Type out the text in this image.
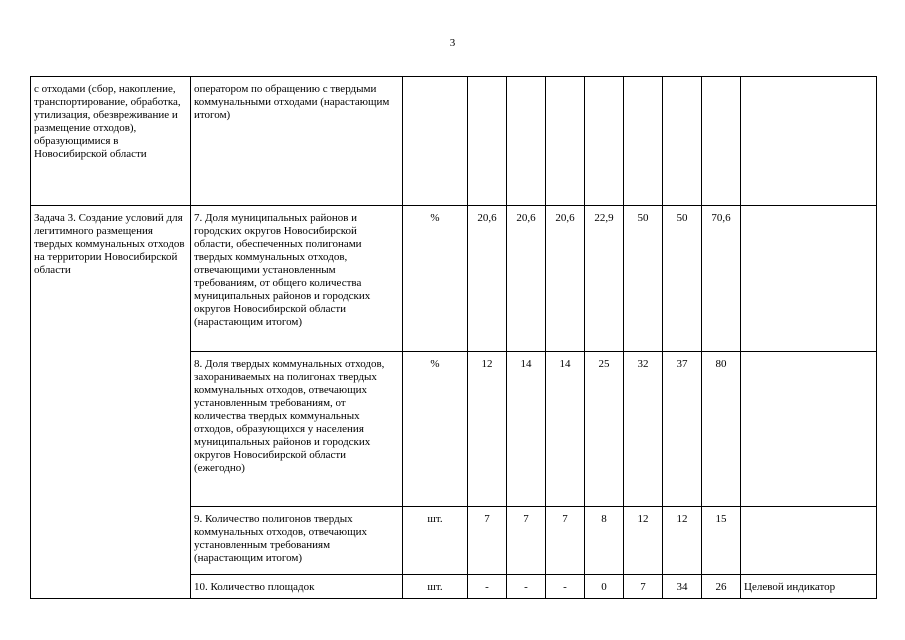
3
с отходами (сбор, накопление, транспортирование, обработка, утилизация, обезвреживание и размещение отходов), образующимися в Новосибирской области	оператором по обращению с твердыми коммунальными отходами (нарастающим итогом)									
Задача 3. Создание условий для легитимного размещения твердых коммунальных отходов на территории Новосибирской области	7. Доля муниципальных районов и городских округов Новосибирской области, обеспеченных полигонами твердых коммунальных отходов, отвечающими установленным требованиям, от общего количества муниципальных районов и городских округов Новосибирской области (нарастающим итогом)	%	20,6	20,6	20,6	22,9	50	50	70,6	
	8. Доля твердых коммунальных отходов, захораниваемых на полигонах твердых коммунальных отходов, отвечающих установленным требованиям, от количества твердых коммунальных отходов, образующихся у населения муниципальных районов и городских округов Новосибирской области (ежегодно)	%	12	14	14	25	32	37	80	
	9. Количество полигонов твердых коммунальных отходов, отвечающих установленным требованиям (нарастающим итогом)	шт.	7	7	7	8	12	12	15	
	10. Количество площадок	шт.	-	-	-	0	7	34	26	Целевой индикатор
